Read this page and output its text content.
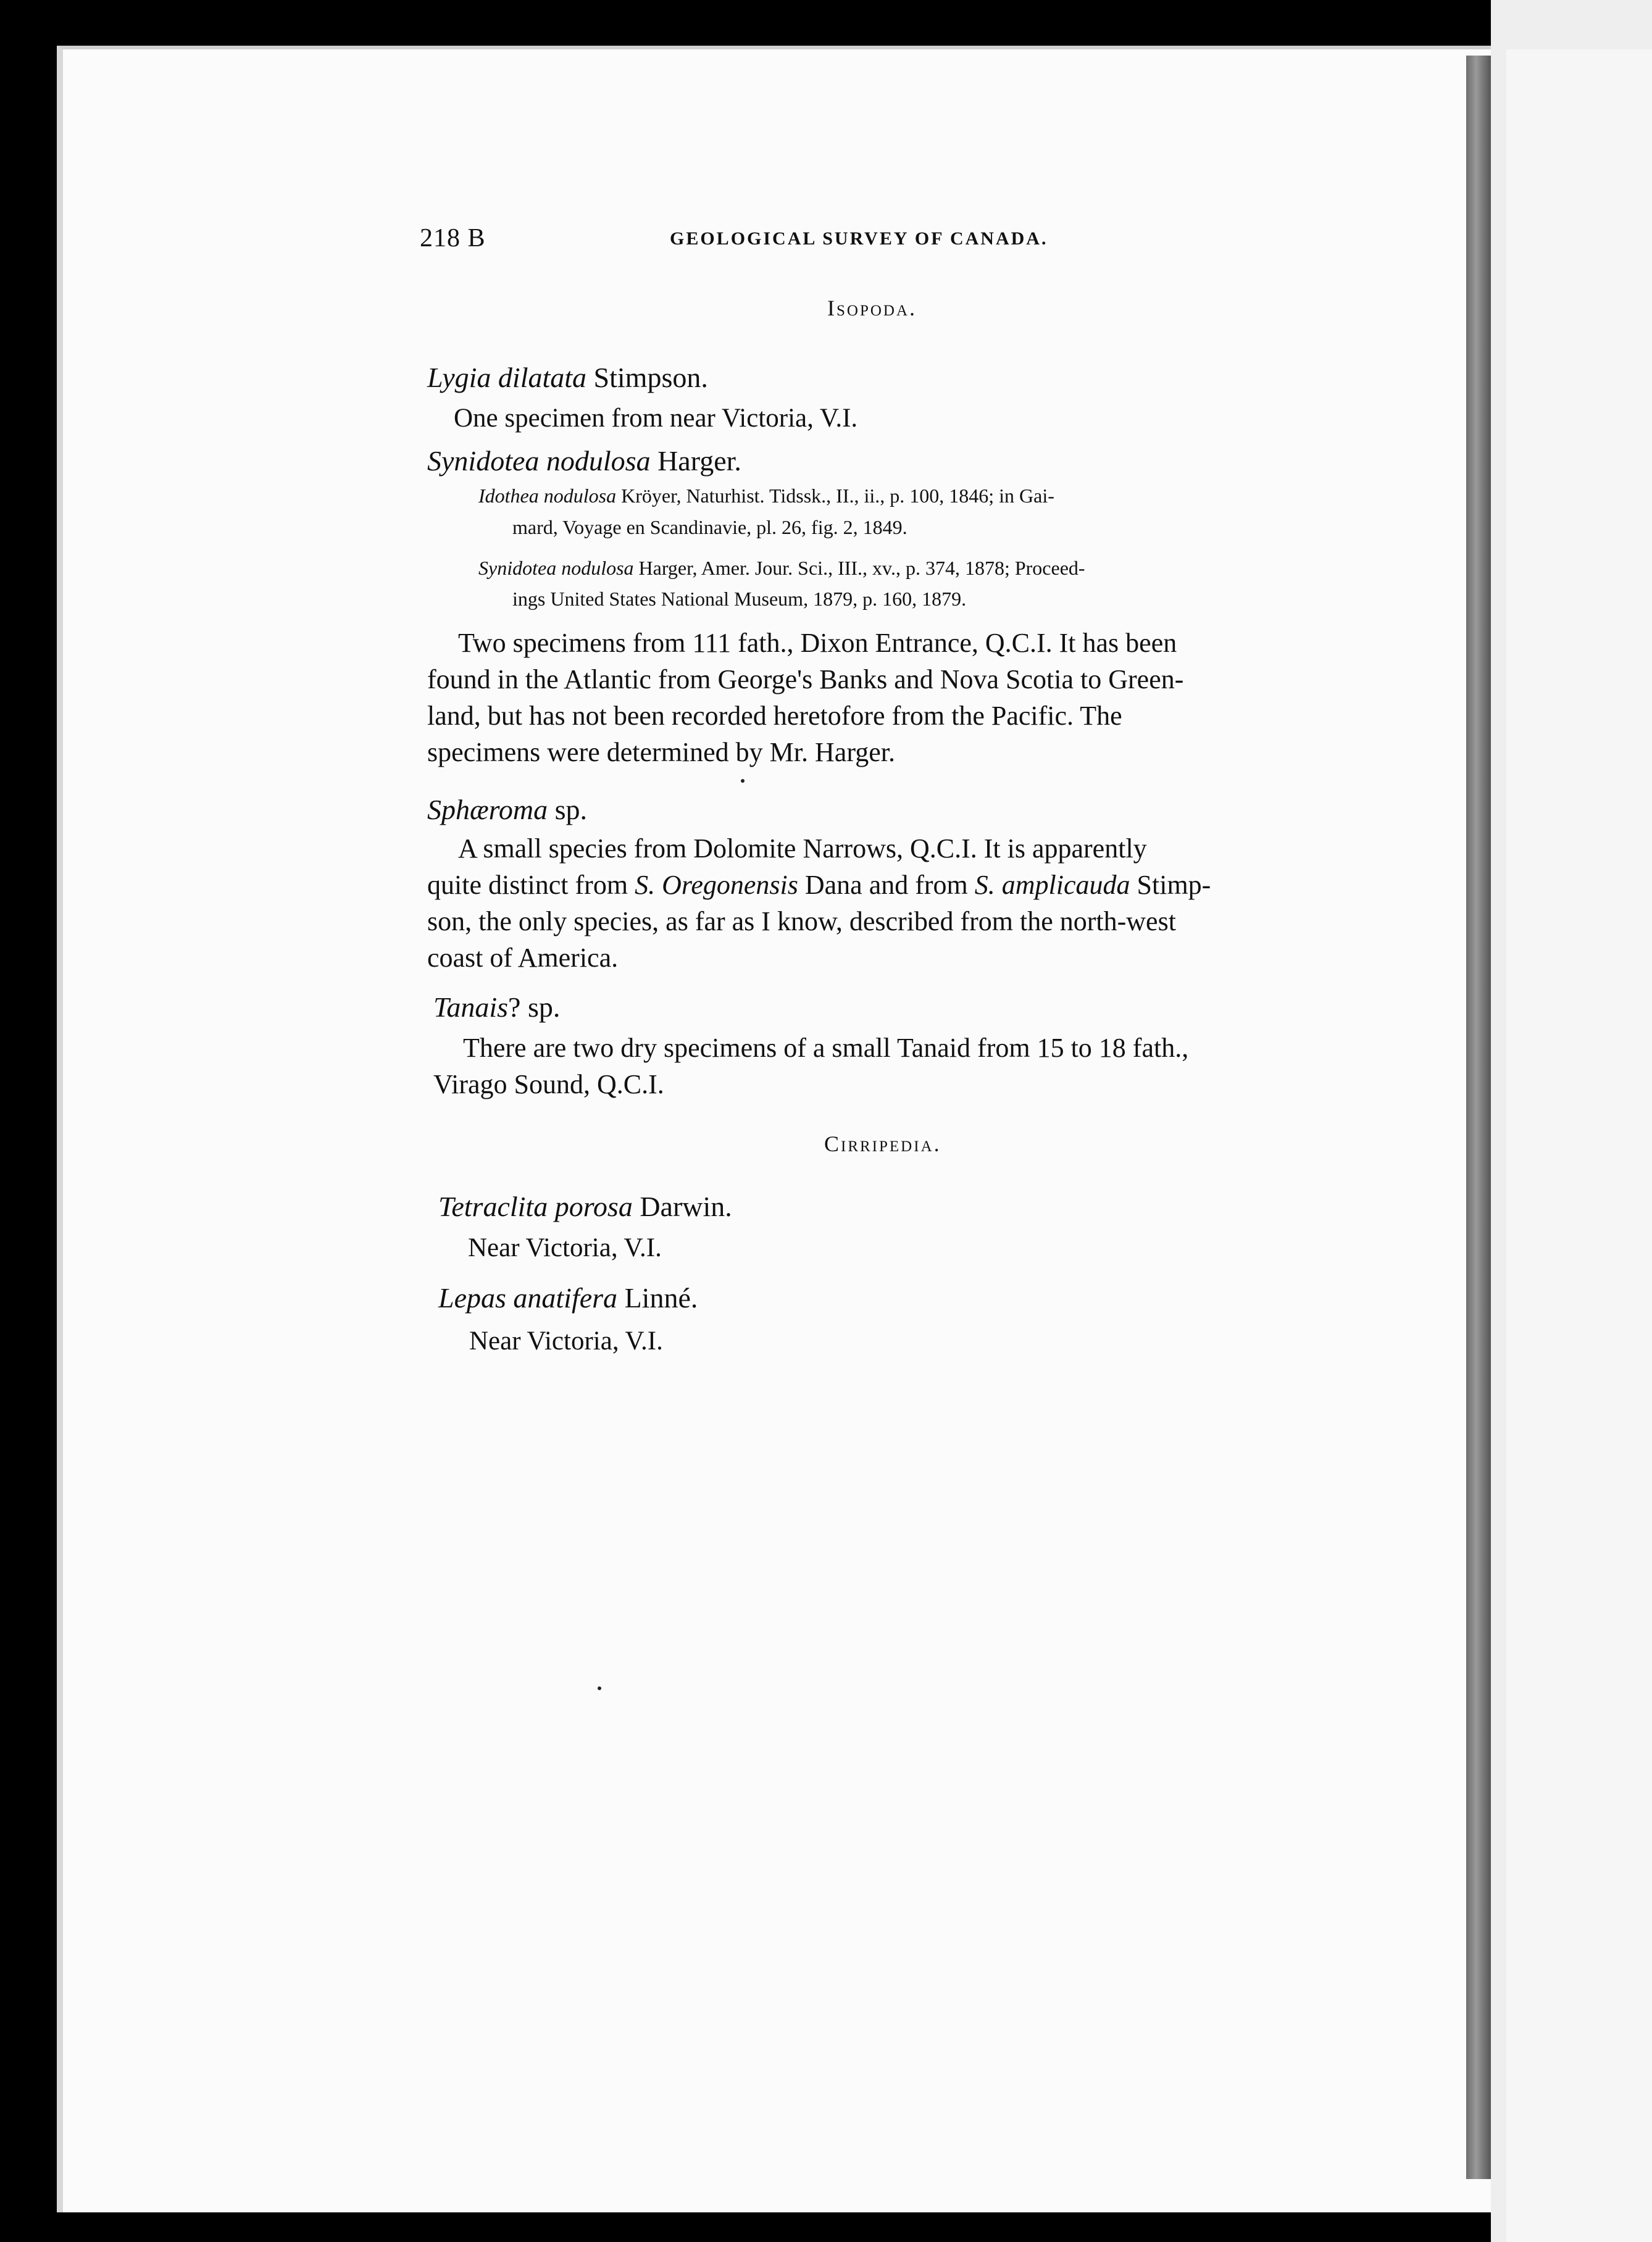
218 B	GEOLOGICAL SURVEY OF CANADA.
Isopoda.
Lygia dilatata Stimpson.
One specimen from near Victoria, V.I.
Synidotea nodulosa Harger.
Idothea nodulosa Kröyer, Naturhist. Tidssk., II., ii., p. 100, 1846; in Gai-
mard, Voyage en Scandinavie, pl. 26, fig. 2, 1849.
Synidotea nodulosa Harger, Amer. Jour. Sci., III., xv., p. 374, 1878; Proceed-
ings United States National Museum, 1879, p. 160, 1879.
Two specimens from 111 fath., Dixon Entrance, Q.C.I. It has been
found in the Atlantic from George's Banks and Nova Scotia to Green-
land, but has not been recorded heretofore from the Pacific. The
specimens were determined by Mr. Harger.
Sphæroma sp.
A small species from Dolomite Narrows, Q.C.I. It is apparently
quite distinct from S. Oregonensis Dana and from S. amplicauda Stimp-
son, the only species, as far as I know, described from the north-west
coast of America.
Tanais? sp.
There are two dry specimens of a small Tanaid from 15 to 18 fath.,
Virago Sound, Q.C.I.
Cirripedia.
Tetraclita porosa Darwin.
Near Victoria, V.I.
Lepas anatifera Linné.
Near Victoria, V.I.
